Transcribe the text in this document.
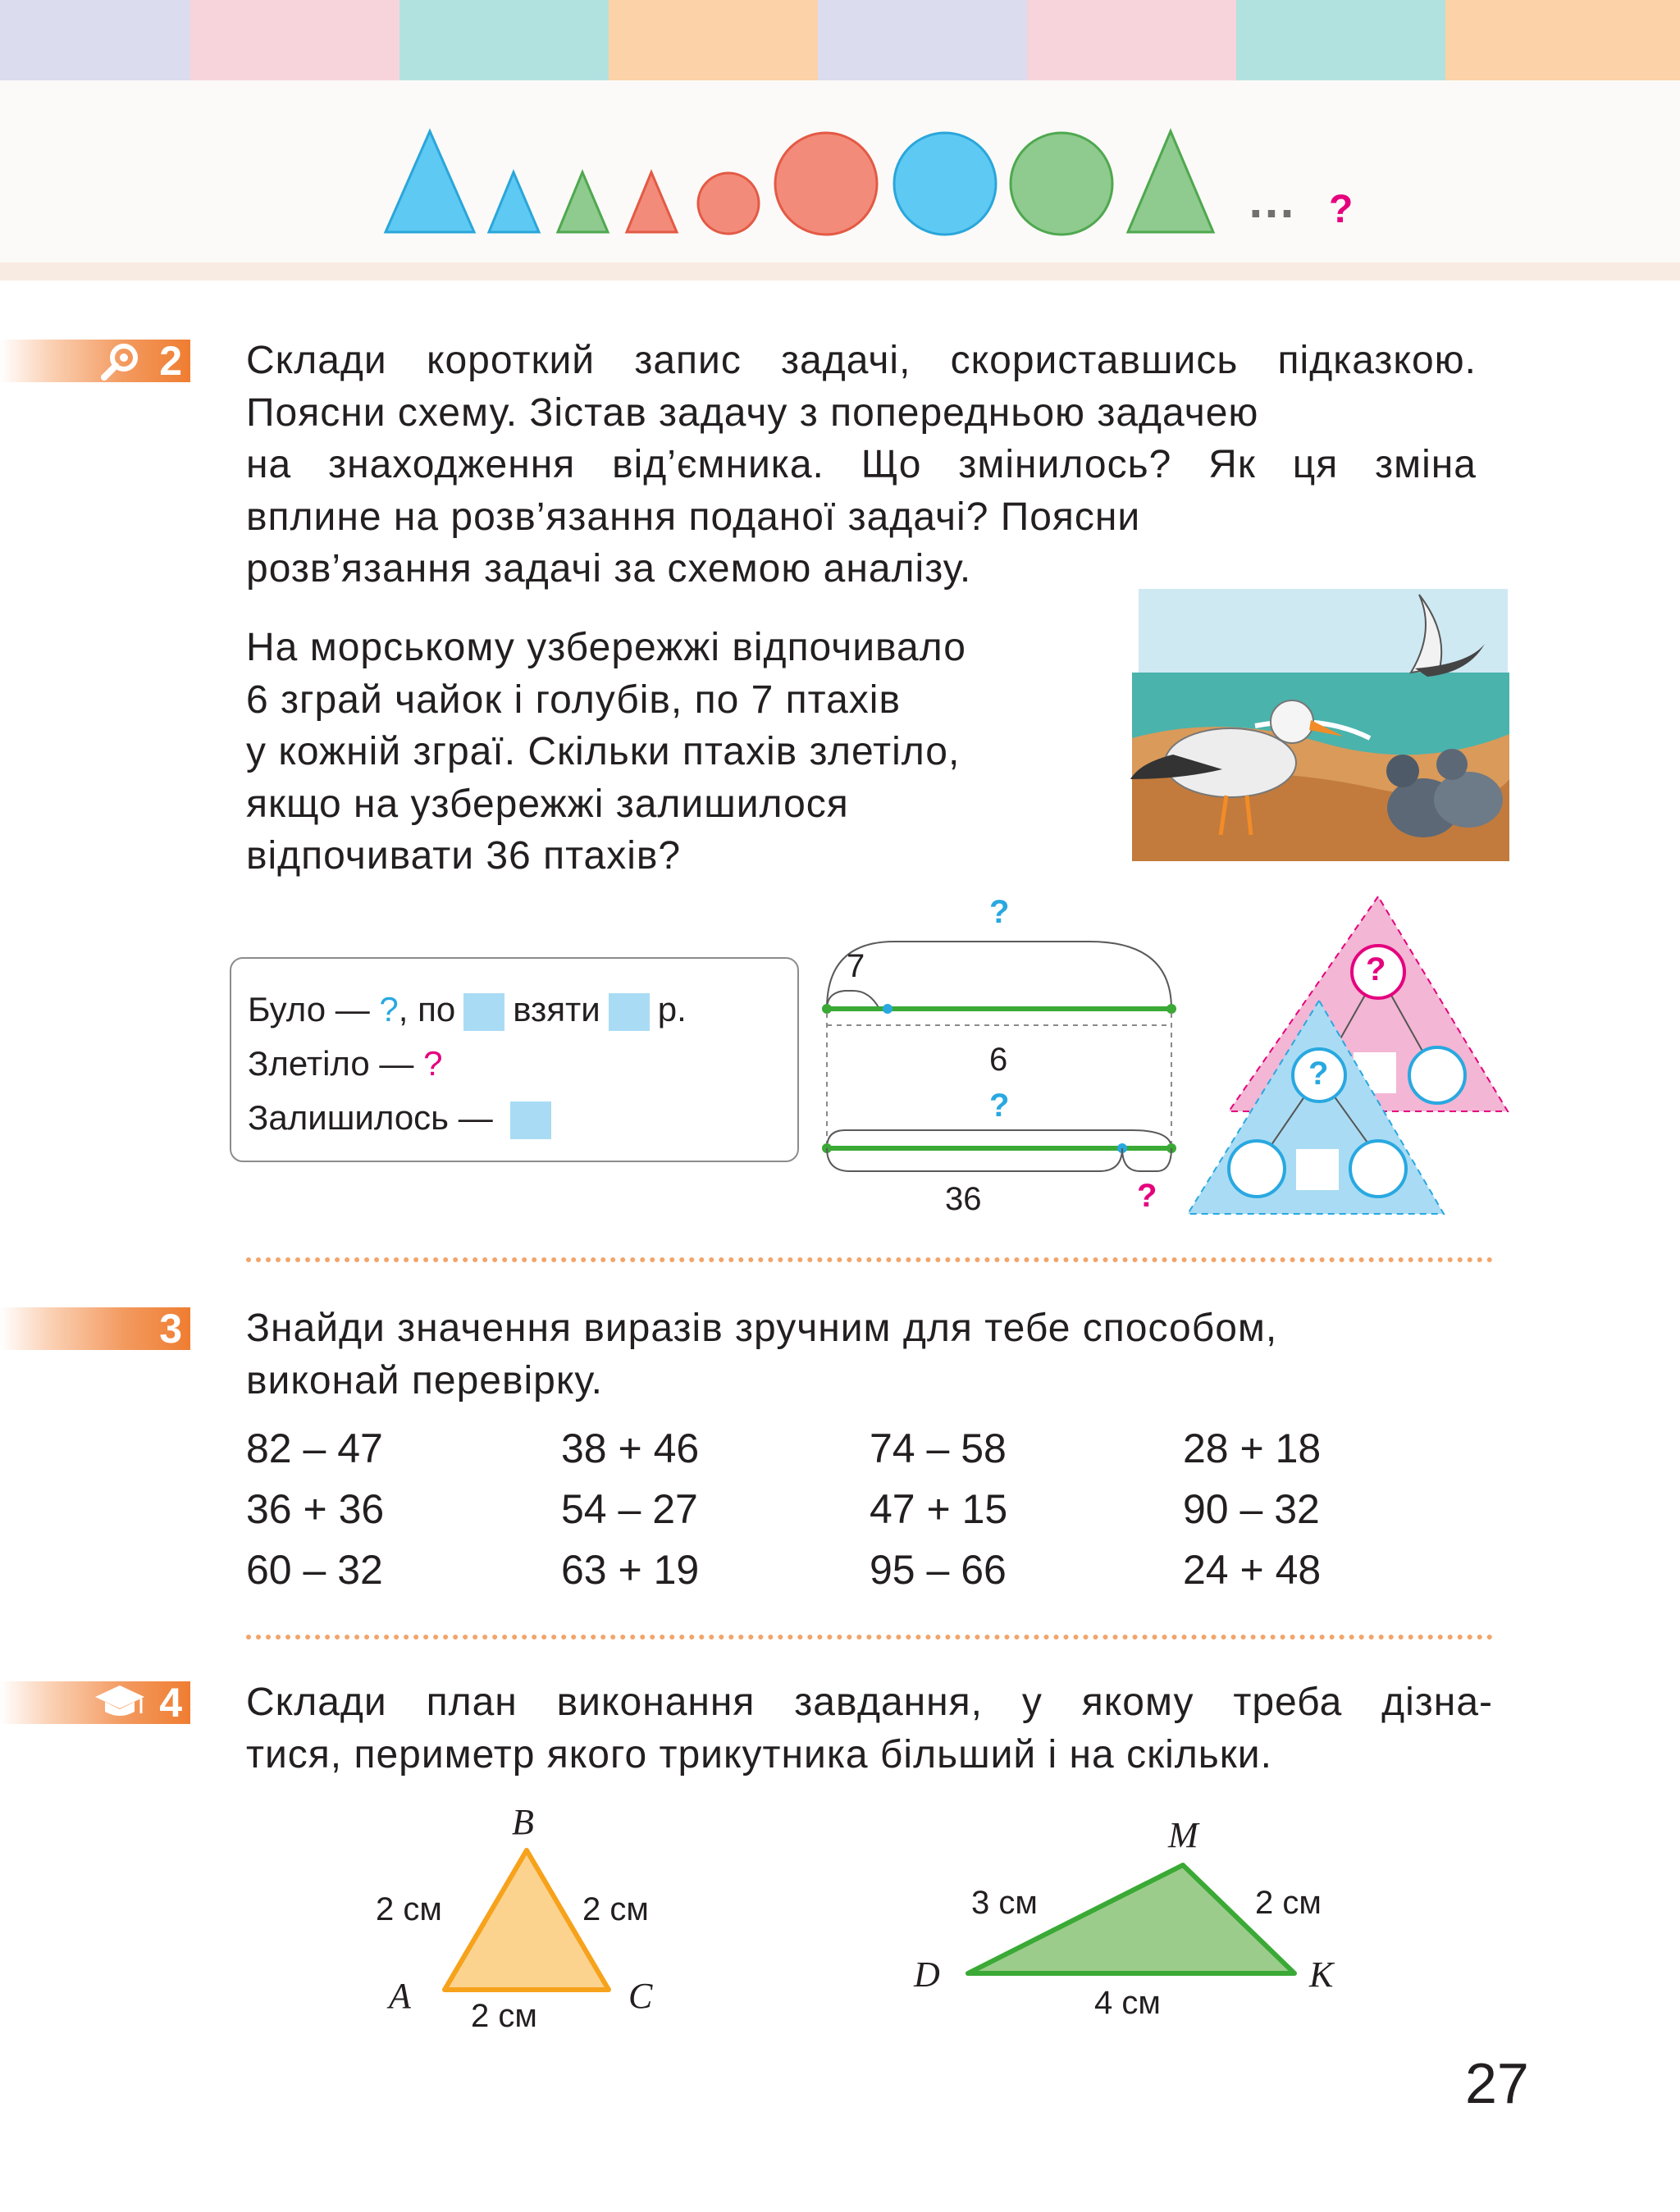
… ?
2 Склади короткий запис задачі, скориставшись підказкою.
Поясни схему. Зістав задачу з попередньою задачею
на знаходження від’ємника. Що змінилось? Як ця зміна
вплине на розв’язання поданої задачі? Поясни
розв’язання задачі за схемою аналізу.
На морському узбережжі відпочивало
6 зграй чайок і голубів, по 7 птахів
у кожній зграї. Скільки птахів злетіло,
якщо на узбережжі залишилося
відпочивати 36 птахів?
Було — ?, по взяти р.
Злетіло — ?
Залишилось —
?
7
6
?
36	?
?
?
3 Знайди значення виразів зручним для тебе способом,
виконай перевірку.
82 – 47	38 + 46	74 – 58	28 + 18
36 + 36	54 – 27	47 + 15	90 – 32
60 – 32	63 + 19	95 – 66	24 + 48
4 Склади план виконання завдання, у якому треба дізна-
тися, периметр якого трикутника більший і на скільки.
B
A	C
2 см	2 см
2 см
M
D	K
3 см	2 см
4 см
27
